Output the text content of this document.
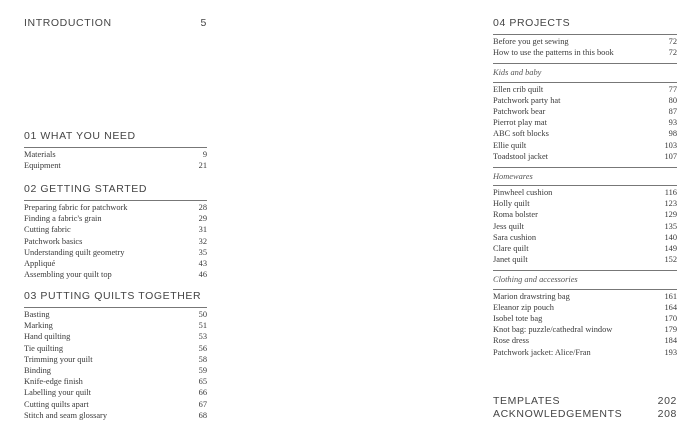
INTRODUCTION	5
01 WHAT YOU NEED
Materials	9
Equipment	21
02 GETTING STARTED
Preparing fabric for patchwork	28
Finding a fabric's grain	29
Cutting fabric	31
Patchwork basics	32
Understanding quilt geometry	35
Appliqué	43
Assembling your quilt top	46
03 PUTTING QUILTS TOGETHER
Basting	50
Marking	51
Hand quilting	53
Tie quilting	56
Trimming your quilt	58
Binding	59
Knife-edge finish	65
Labelling your quilt	66
Cutting quilts apart	67
Stitch and seam glossary	68
04 PROJECTS
Before you get sewing	72
How to use the patterns in this book	72
Kids and baby
Ellen crib quilt	77
Patchwork party hat	80
Patchwork bear	87
Pierrot play mat	93
ABC soft blocks	98
Ellie quilt	103
Toadstool jacket	107
Homewares
Pinwheel cushion	116
Holly quilt	123
Roma bolster	129
Jess quilt	135
Sara cushion	140
Clare quilt	149
Janet quilt	152
Clothing and accessories
Marion drawstring bag	161
Eleanor zip pouch	164
Isobel tote bag	170
Knot bag: puzzle/cathedral window	179
Rose dress	184
Patchwork jacket: Alice/Fran	193
TEMPLATES	202
ACKNOWLEDGEMENTS	208
